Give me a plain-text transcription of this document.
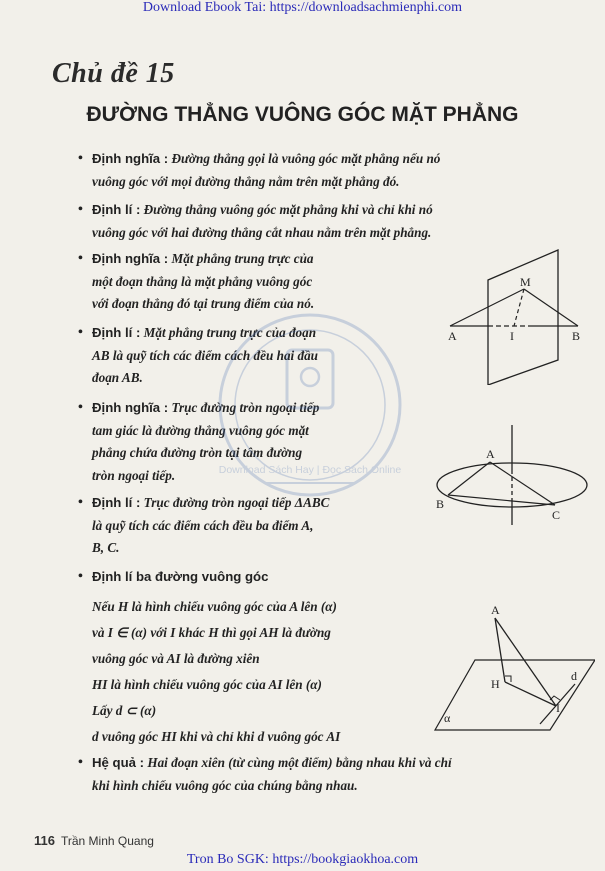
Download Ebook Tai: https://downloadsachmienphi.com
Chủ đề 15
ĐƯỜNG THẲNG VUÔNG GÓC MẶT PHẲNG
• Định nghĩa : Đường thẳng gọi là vuông góc mặt phẳng nếu nó
vuông góc với mọi đường thẳng nằm trên mặt phẳng đó.
• Định lí : Đường thẳng vuông góc mặt phẳng khi và chỉ khi nó
vuông góc với hai đường thẳng cắt nhau nằm trên mặt phẳng.
• Định nghĩa : Mặt phẳng trung trực của
một đoạn thẳng là mặt phẳng vuông góc
với đoạn thẳng đó tại trung điểm của nó.
• Định lí : Mặt phẳng trung trực của đoạn
AB là quỹ tích các điểm cách đều hai đầu
đoạn AB.
• Định nghĩa : Trục đường tròn ngoại tiếp
tam giác là đường thẳng vuông góc mặt
phẳng chứa đường tròn tại tâm đường
tròn ngoại tiếp.
• Định lí : Trục đường tròn ngoại tiếp ΔABC
là quỹ tích các điểm cách đều ba điểm A,
B, C.
• Định lí ba đường vuông góc
Nếu H là hình chiếu vuông góc của A lên (α)
và I ∈ (α) với I khác H thì gọi AH là đường
vuông góc và AI là đường xiên
HI là hình chiếu vuông góc của AI lên (α)
Lấy d ⊂ (α)
d vuông góc HI khi và chỉ khi d vuông góc AI
• Hệ quả : Hai đoạn xiên (từ cùng một điểm) bằng nhau khi và chỉ
khi hình chiếu vuông góc của chúng bằng nhau.
M
A	I	B
A
B
C
A
H
I
d
α
Download Sách Hay | Đọc Sách Online
116 Trần Minh Quang
Tron Bo SGK: https://bookgiaokhoa.com
